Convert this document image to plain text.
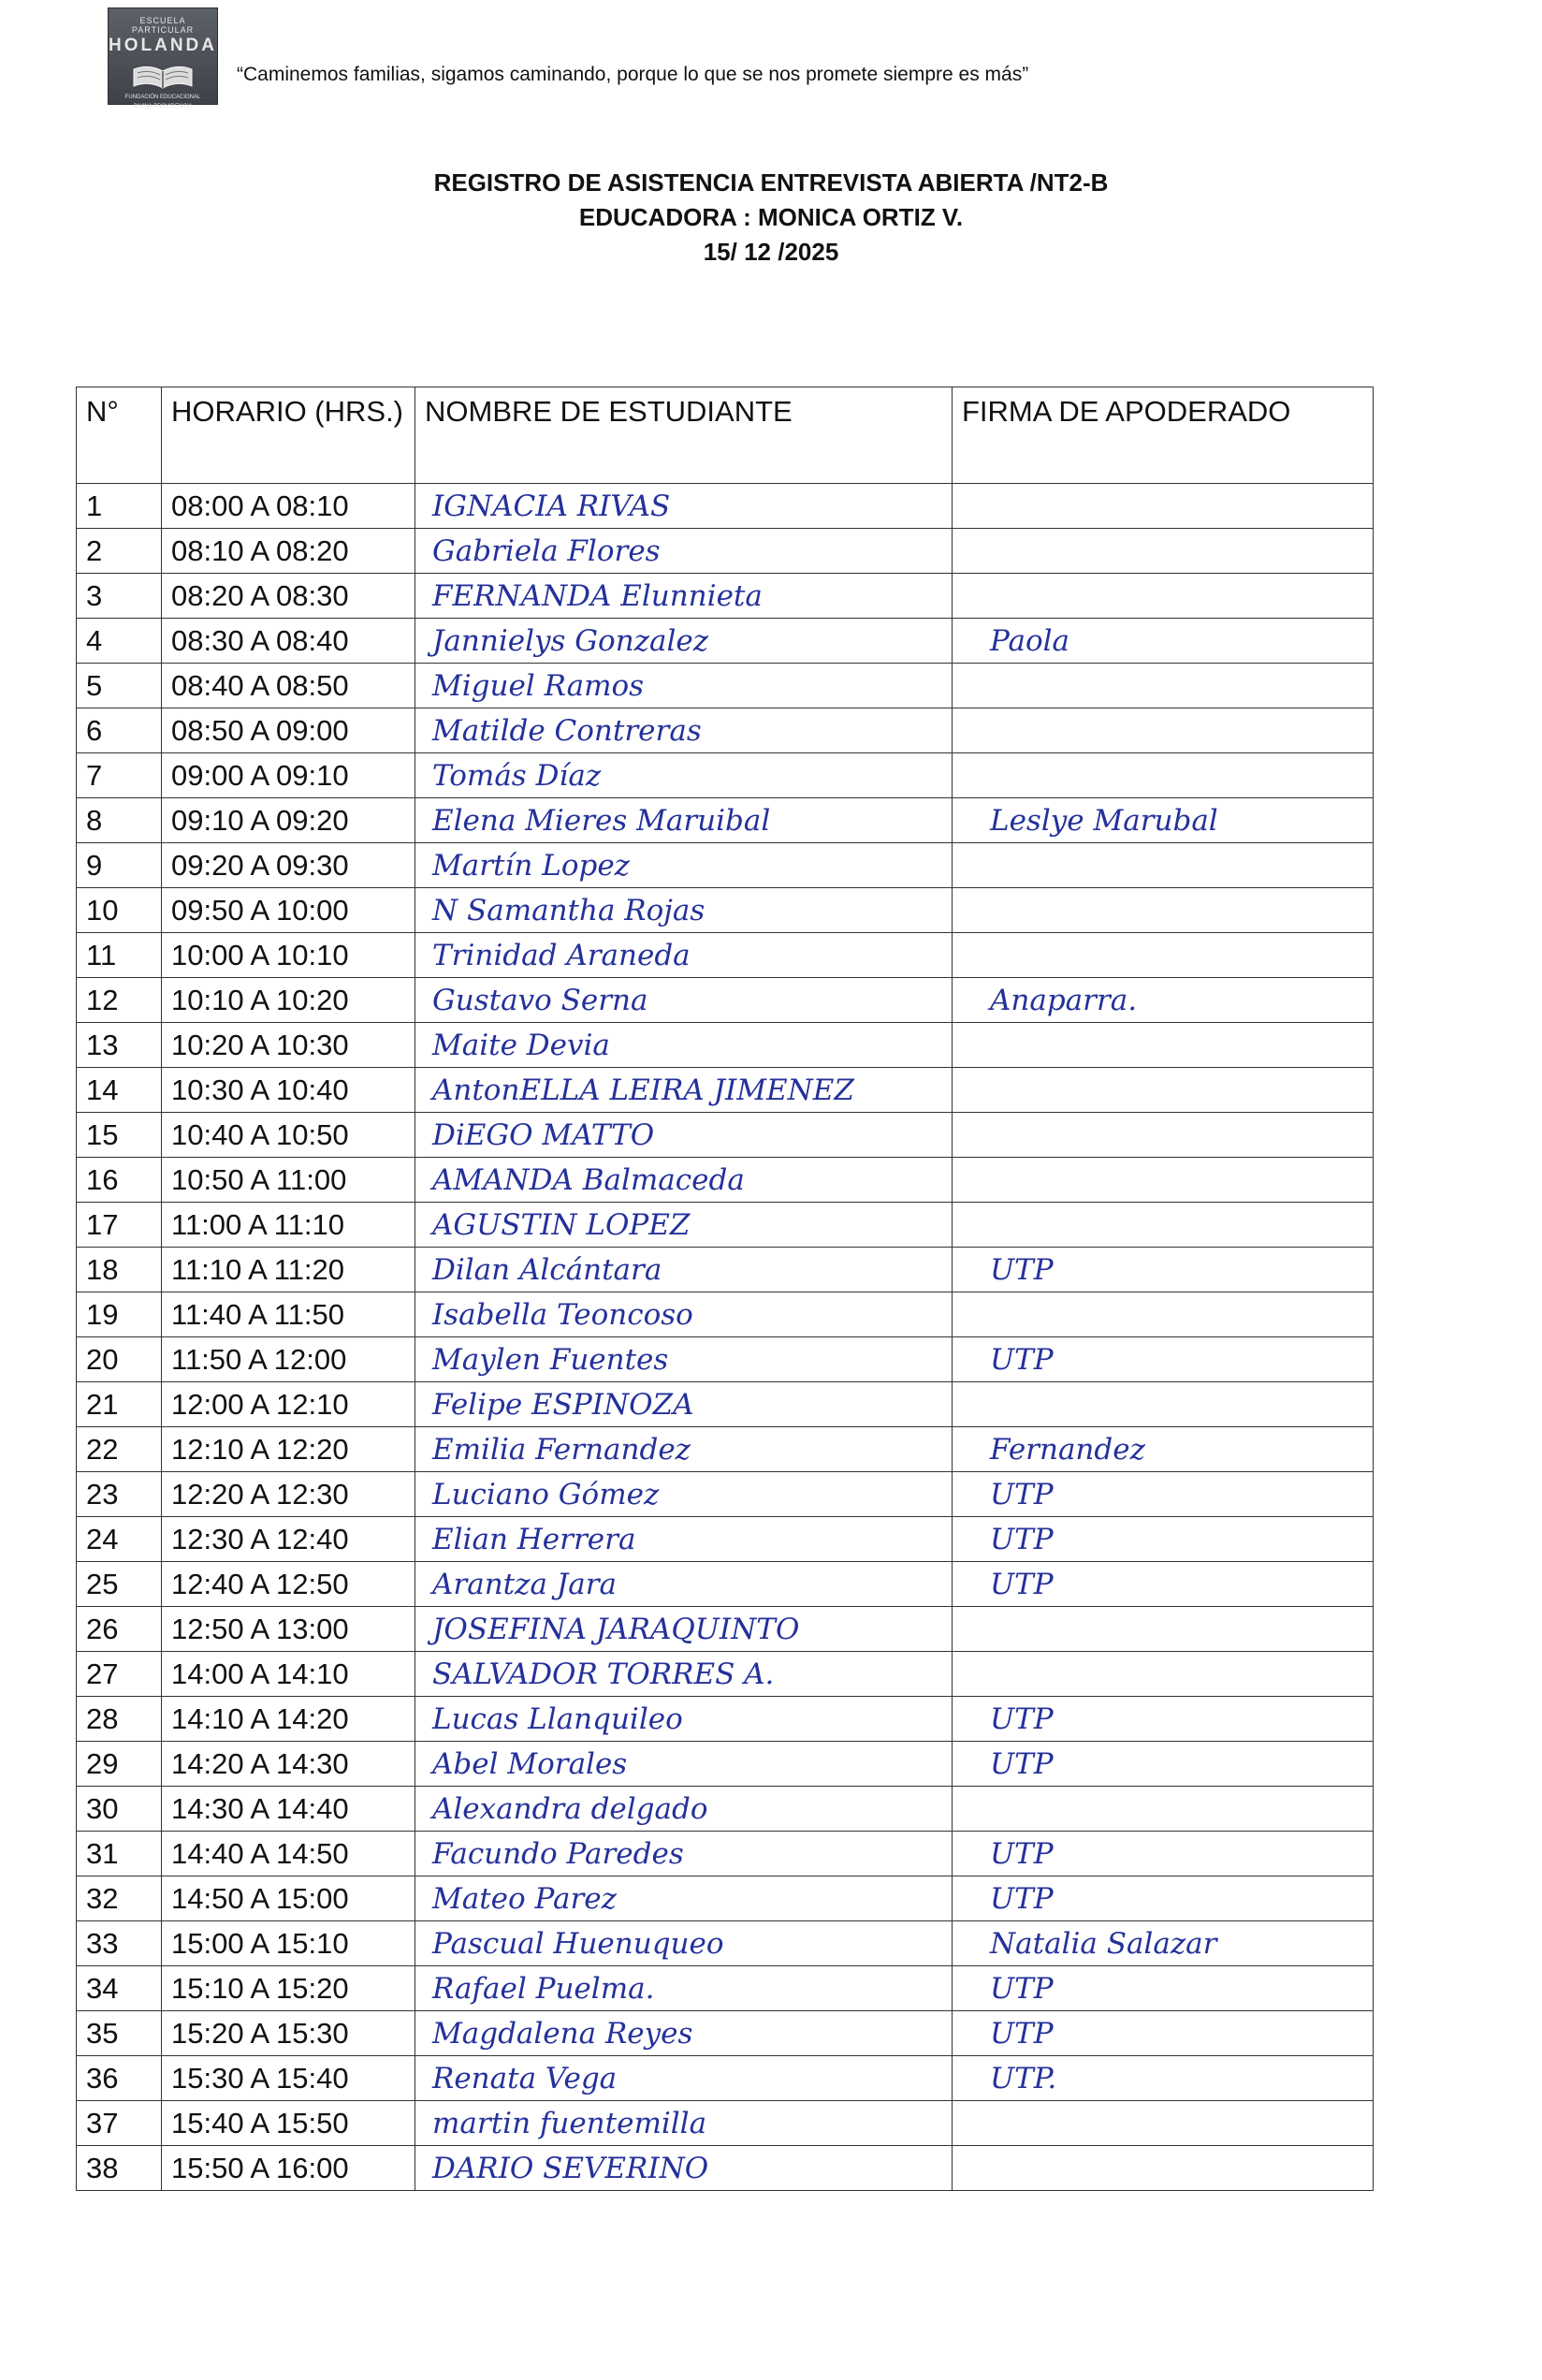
ESCUELA PARTICULAR
HOLANDA
FUNDACIÓN EDUCACIONAL
DIVINA PROVIDENCIA
“Caminemos familias, sigamos caminando, porque lo que se nos promete siempre es más”
REGISTRO DE ASISTENCIA ENTREVISTA ABIERTA /NT2-B
EDUCADORA : MONICA ORTIZ V.
15/ 12 /2025
N°	HORARIO (HRS.)	NOMBRE DE ESTUDIANTE	FIRMA DE APODERADO
1	08:00 A 08:10	IGNACIA RIVAS	
2	08:10 A 08:20	Gabriela Flores	
3	08:20 A 08:30	FERNANDA Elunnieta	
4	08:30 A 08:40	Jannielys Gonzalez	Paola
5	08:40 A 08:50	Miguel Ramos	
6	08:50 A 09:00	Matilde Contreras	
7	09:00 A 09:10	Tomás Díaz	
8	09:10 A 09:20	Elena Mieres Maruibal	Leslye Marubal
9	09:20 A 09:30	Martín Lopez	
10	09:50 A 10:00	N Samantha Rojas	
11	10:00 A 10:10	Trinidad Araneda	
12	10:10 A 10:20	Gustavo Serna	Anaparra.
13	10:20 A 10:30	Maite Devia	
14	10:30 A 10:40	AntonELLA LEIRA JIMENEZ	
15	10:40 A 10:50	DiEGO MATTO	
16	10:50 A 11:00	AMANDA Balmaceda	
17	11:00 A 11:10	AGUSTIN LOPEZ	
18	11:10 A 11:20	Dilan Alcántara	UTP
19	11:40 A 11:50	Isabella Teoncoso	
20	11:50 A 12:00	Maylen Fuentes	UTP
21	12:00 A 12:10	Felipe ESPINOZA	
22	12:10 A 12:20	Emilia Fernandez	Fernandez
23	12:20 A 12:30	Luciano Gómez	UTP
24	12:30 A 12:40	Elian Herrera	UTP
25	12:40 A 12:50	Arantza Jara	UTP
26	12:50 A 13:00	JOSEFINA JARAQUINTO	
27	14:00 A 14:10	SALVADOR TORRES A.	
28	14:10 A 14:20	Lucas Llanquileo	UTP
29	14:20 A 14:30	Abel Morales	UTP
30	14:30 A 14:40	Alexandra delgado	
31	14:40 A 14:50	Facundo Paredes	UTP
32	14:50 A 15:00	Mateo Parez	UTP
33	15:00 A 15:10	Pascual Huenuqueo	Natalia Salazar
34	15:10 A 15:20	Rafael Puelma.	UTP
35	15:20 A 15:30	Magdalena Reyes	UTP
36	15:30 A 15:40	Renata Vega	UTP.
37	15:40 A 15:50	martin fuentemilla	
38	15:50 A 16:00	DARIO SEVERINO	
